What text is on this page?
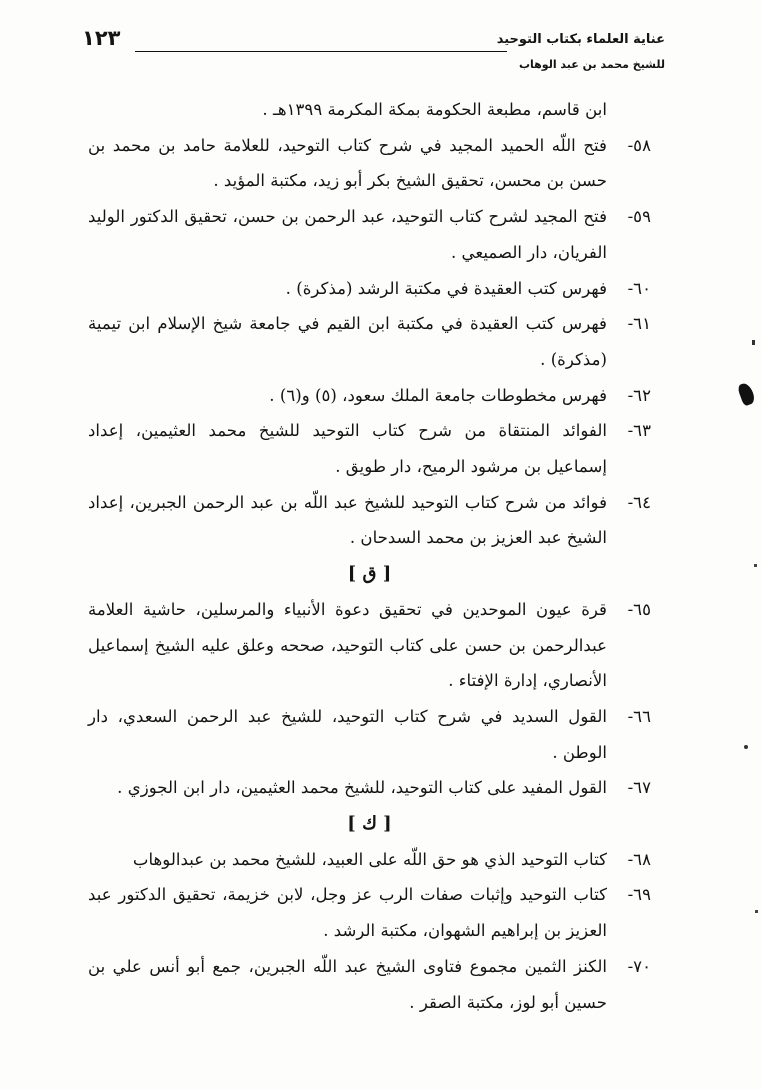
عناية العلماء بكتاب التوحيد
للشيخ محمد بن عبد الوهاب
١٢٣
ابن قاسم، مطبعة الحكومة بمكة المكرمة ١٣٩٩هـ .
٥٨-
فتح اللّه الحميد المجيد في شرح كتاب التوحيد، للعلامة حامد بن محمد بن حسن بن محسن، تحقيق الشيخ بكر أبو زيد، مكتبة المؤيد .
٥٩-
فتح المجيد لشرح كتاب التوحيد، عبد الرحمن بن حسن، تحقيق الدكتور الوليد الفريان، دار الصميعي .
٦٠-
فهرس كتب العقيدة في مكتبة الرشد (مذكرة) .
٦١-
فهرس كتب العقيدة في مكتبة ابن القيم في جامعة شيخ الإسلام ابن تيمية (مذكرة) .
٦٢-
فهرس مخطوطات جامعة الملك سعود، (٥) و(٦) .
٦٣-
الفوائد المنتقاة من شرح كتاب التوحيد للشيخ محمد العثيمين، إعداد إسماعيل بن مرشود الرميح، دار طويق .
٦٤-
فوائد من شرح كتاب التوحيد للشيخ عبد اللّه بن عبد الرحمن الجبرين، إعداد الشيخ عبد العزيز بن محمد السدحان .
[ ق ]
٦٥-
قرة عيون الموحدين في تحقيق دعوة الأنبياء والمرسلين، حاشية العلامة عبدالرحمن بن حسن على كتاب التوحيد، صححه وعلق عليه الشيخ إسماعيل الأنصاري، إدارة الإفتاء .
٦٦-
القول السديد في شرح كتاب التوحيد، للشيخ عبد الرحمن السعدي، دار الوطن .
٦٧-
القول المفيد على كتاب التوحيد، للشيخ محمد العثيمين، دار ابن الجوزي .
[ ك ]
٦٨-
كتاب التوحيد الذي هو حق اللّه على العبيد، للشيخ محمد بن عبدالوهاب
٦٩-
كتاب التوحيد وإثبات صفات الرب عز وجل، لابن خزيمة، تحقيق الدكتور عبد العزيز بن إبراهيم الشهوان، مكتبة الرشد .
٧٠-
الكنز الثمين مجموع فتاوى الشيخ عبد اللّه الجبرين، جمع أبو أنس علي بن حسين أبو لوز، مكتبة الصقر .
